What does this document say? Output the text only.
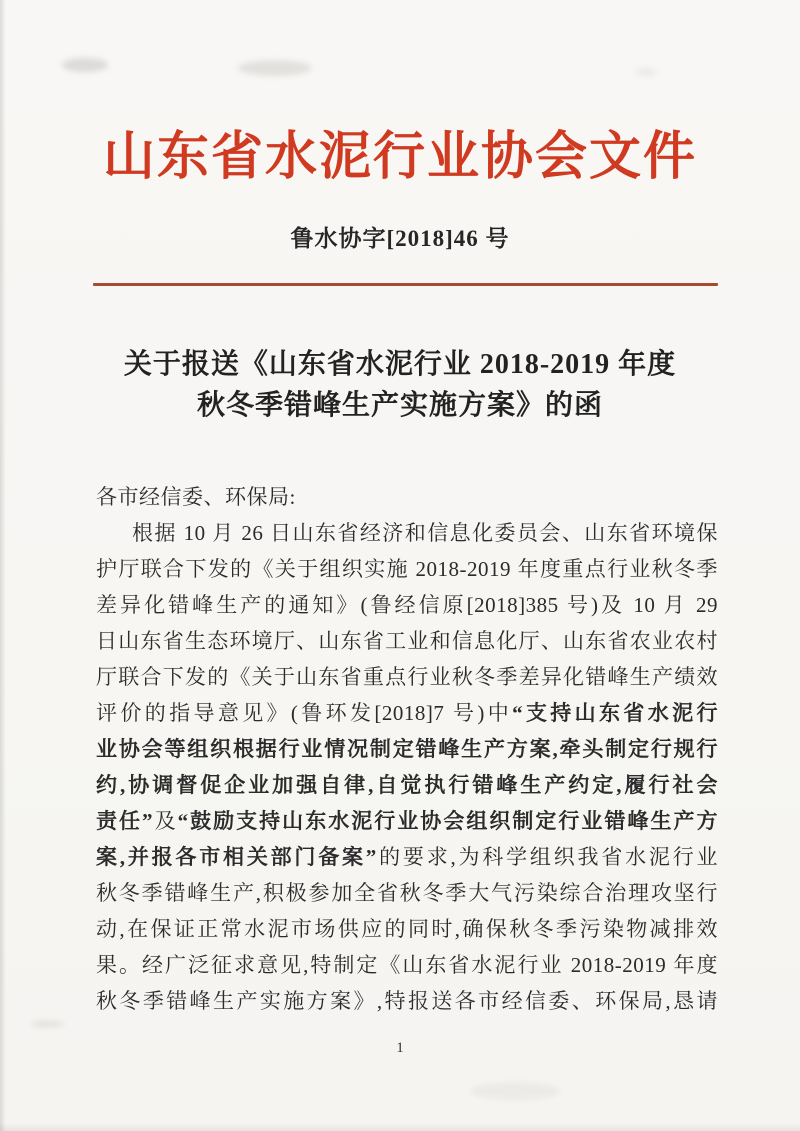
山东省水泥行业协会文件
鲁水协字[2018]46 号
关于报送《山东省水泥行业 2018-2019 年度
秋冬季错峰生产实施方案》的函
各市经信委、环保局:
根据 10 月 26 日山东省经济和信息化委员会、山东省环境保
护厅联合下发的《关于组织实施 2018-2019 年度重点行业秋冬季
差异化错峰生产的通知》(鲁经信原[2018]385 号)及 10 月 29
日山东省生态环境厅、山东省工业和信息化厅、山东省农业农村
厅联合下发的《关于山东省重点行业秋冬季差异化错峰生产绩效
评价的指导意见》(鲁环发[2018]7 号)中“支持山东省水泥行
业协会等组织根据行业情况制定错峰生产方案,牵头制定行规行
约,协调督促企业加强自律,自觉执行错峰生产约定,履行社会
责任”及“鼓励支持山东水泥行业协会组织制定行业错峰生产方
案,并报各市相关部门备案”的要求,为科学组织我省水泥行业
秋冬季错峰生产,积极参加全省秋冬季大气污染综合治理攻坚行
动,在保证正常水泥市场供应的同时,确保秋冬季污染物减排效
果。经广泛征求意见,特制定《山东省水泥行业 2018-2019 年度
秋冬季错峰生产实施方案》,特报送各市经信委、环保局,恳请
1
